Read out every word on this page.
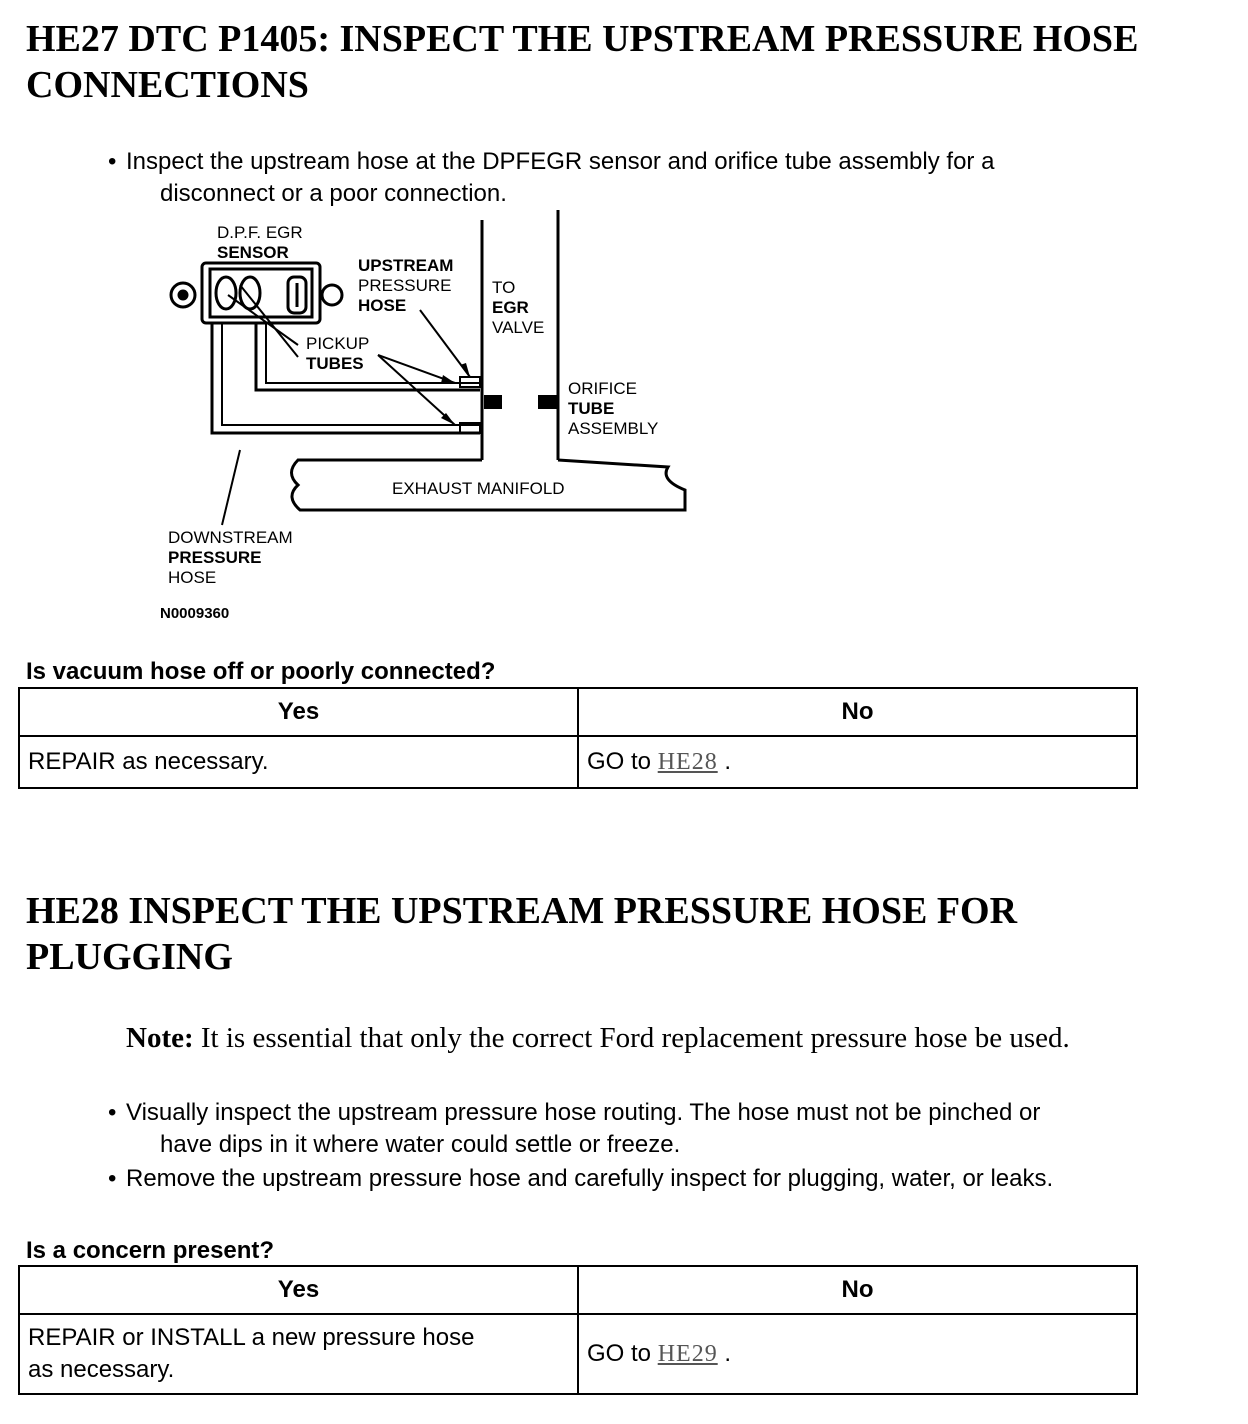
HE27 DTC P1405: INSPECT THE UPSTREAM PRESSURE HOSE
CONNECTIONS
• Inspect the upstream hose at the DPFEGR sensor and orifice tube assembly for a
disconnect or a poor connection.
D.P.F. EGR
SENSOR
UPSTREAM
PRESSURE
HOSE
TO
EGR
VALVE
PICKUP
TUBES
ORIFICE
TUBE
ASSEMBLY
EXHAUST MANIFOLD
DOWNSTREAM
PRESSURE
HOSE
N0009360
Is vacuum hose off or poorly connected?
Yes	No
REPAIR as necessary.	GO to HE28 .
HE28 INSPECT THE UPSTREAM PRESSURE HOSE FOR
PLUGGING
Note: It is essential that only the correct Ford replacement pressure hose be used.
• Visually inspect the upstream pressure hose routing. The hose must not be pinched or
have dips in it where water could settle or freeze.
• Remove the upstream pressure hose and carefully inspect for plugging, water, or leaks.
Is a concern present?
Yes	No
REPAIR or INSTALL a new pressure hose
as necessary.	GO to HE29 .
